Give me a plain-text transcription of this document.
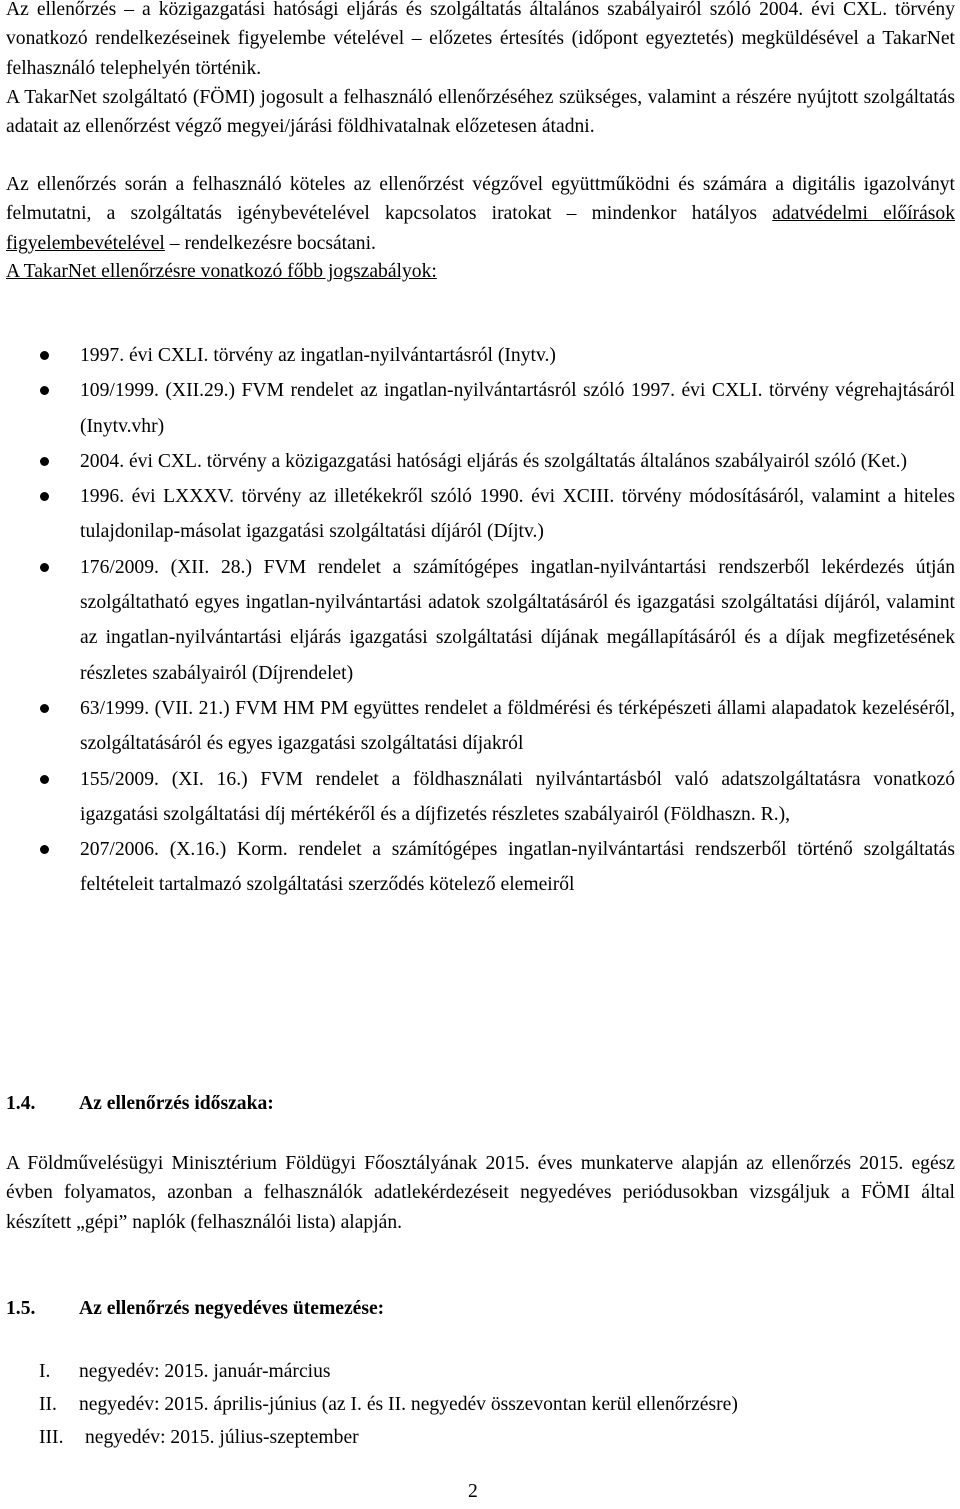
Az ellenőrzés – a közigazgatási hatósági eljárás és szolgáltatás általános szabályairól szóló 2004. évi CXL. törvény vonatkozó rendelkezéseinek figyelembe vételével – előzetes értesítés (időpont egyeztetés) megküldésével a TakarNet felhasználó telephelyén történik.

A TakarNet szolgáltató (FÖMI) jogosult a felhasználó ellenőrzéséhez szükséges, valamint a részére nyújtott szolgáltatás adatait az ellenőrzést végző megyei/járási földhivatalnak előzetesen átadni.

Az ellenőrzés során a felhasználó köteles az ellenőrzést végzővel együttműködni és számára a digitális igazolványt felmutatni, a szolgáltatás igénybevételével kapcsolatos iratokat – mindenkor hatályos adatvédelmi előírások figyelembevételével – rendelkezésre bocsátani.

A TakarNet ellenőrzésre vonatkozó főbb jogszabályok:
1997. évi CXLI. törvény az ingatlan-nyilvántartásról (Inytv.)
109/1999. (XII.29.) FVM rendelet az ingatlan-nyilvántartásról szóló 1997. évi CXLI. törvény végrehajtásáról (Inytv.vhr)
2004. évi CXL. törvény a közigazgatási hatósági eljárás és szolgáltatás általános szabályairól szóló (Ket.)
1996. évi LXXXV. törvény az illetékekről szóló 1990. évi XCIII. törvény módosításáról, valamint a hiteles tulajdonilap-másolat igazgatási szolgáltatási díjáról (Díjtv.)
176/2009. (XII. 28.) FVM rendelet a számítógépes ingatlan-nyilvántartási rendszerből lekérdezés útján szolgáltatható egyes ingatlan-nyilvántartási adatok szolgáltatásáról és igazgatási szolgáltatási díjáról, valamint az ingatlan-nyilvántartási eljárás igazgatási szolgáltatási díjának megállapításáról és a díjak megfizetésének részletes szabályairól (Díjrendelet)
63/1999. (VII. 21.) FVM HM PM együttes rendelet a földmérési és térképészeti állami alapadatok kezeléséről, szolgáltatásáról és egyes igazgatási szolgáltatási díjakról
155/2009. (XI. 16.) FVM rendelet a földhasználati nyilvántartásból való adatszolgáltatásra vonatkozó igazgatási szolgáltatási díj mértékéről és a díjfizetés részletes szabályairól (Földhaszn. R.),
207/2006. (X.16.) Korm. rendelet a számítógépes ingatlan-nyilvántartási rendszerből történő szolgáltatás feltételeit tartalmazó szolgáltatási szerződés kötelező elemeiről
1.4. Az ellenőrzés időszaka:

A Földművelésügyi Minisztérium Földügyi Főosztályának 2015. éves munkaterve alapján az ellenőrzés 2015. egész évben folyamatos, azonban a felhasználók adatlekérdezéseit negyedéves periódusokban vizsgáljuk a FÖMI által készített „gépi” naplók (felhasználói lista) alapján.

1.5. Az ellenőrzés negyedéves ütemezése:
I. negyedév: 2015. január-március
II. negyedév: 2015. április-június (az I. és II. negyedév összevontan kerül ellenőrzésre)
III. negyedév: 2015. július-szeptember
2
